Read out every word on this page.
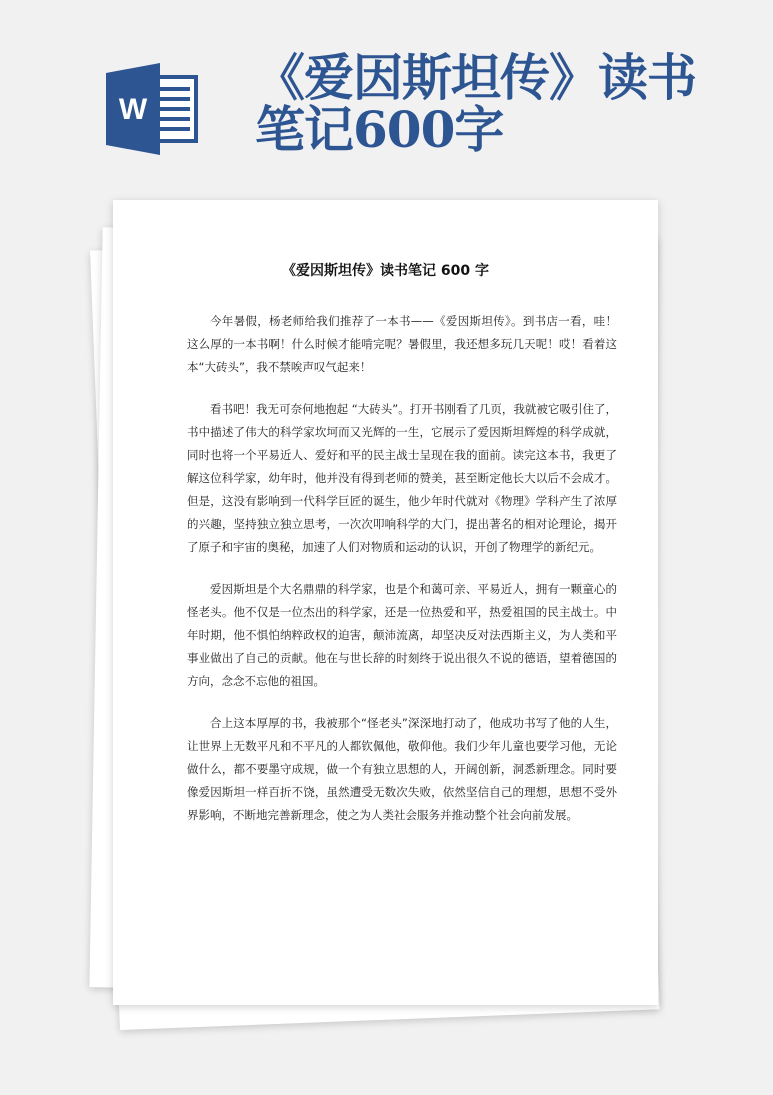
W
《爱因斯坦传》读书笔记600字
《爱因斯坦传》读书笔记 600 字

今年暑假，杨老师给我们推荐了一本书——《爱因斯坦传》。到书店一看，哇！这么厚的一本书啊！什么时候才能啃完呢？暑假里，我还想多玩几天呢！哎！看着这本“大砖头”，我不禁唉声叹气起来！

看书吧！我无可奈何地抱起 “大砖头”。打开书刚看了几页，我就被它吸引住了，书中描述了伟大的科学家坎坷而又光辉的一生，它展示了爱因斯坦辉煌的科学成就，同时也将一个平易近人、爱好和平的民主战士呈现在我的面前。读完这本书，我更了解这位科学家，幼年时，他并没有得到老师的赞美，甚至断定他长大以后不会成才。 但是，这没有影响到一代科学巨匠的诞生，他少年时代就对《物理》学科产生了浓厚的兴趣，坚持独立独立思考，一次次叩响科学的大门，提出著名的相对论理论，揭开了原子和宇宙的奥秘，加速了人们对物质和运动的认识，开创了物理学的新纪元。

爱因斯坦是个大名鼎鼎的科学家，也是个和蔼可亲、平易近人，拥有一颗童心的怪老头。他不仅是一位杰出的科学家，还是一位热爱和平，热爱祖国的民主战士。中年时期，他不惧怕纳粹政权的迫害，颠沛流离，却坚决反对法西斯主义，为人类和平事业做出了自己的贡献。他在与世长辞的时刻终于说出很久不说的德语，望着德国的方向，念念不忘他的祖国。

合上这本厚厚的书，我被那个“怪老头”深深地打动了，他成功书写了他的人生，让世界上无数平凡和不平凡的人都钦佩他，敬仰他。我们少年儿童也要学习他，无论做什么，都不要墨守成规，做一个有独立思想的人，开阔创新，洞悉新理念。同时要像爱因斯坦一样百折不饶，虽然遭受无数次失败，依然坚信自己的理想，思想不受外界影响，不断地完善新理念，使之为人类社会服务并推动整个社会向前发展。
